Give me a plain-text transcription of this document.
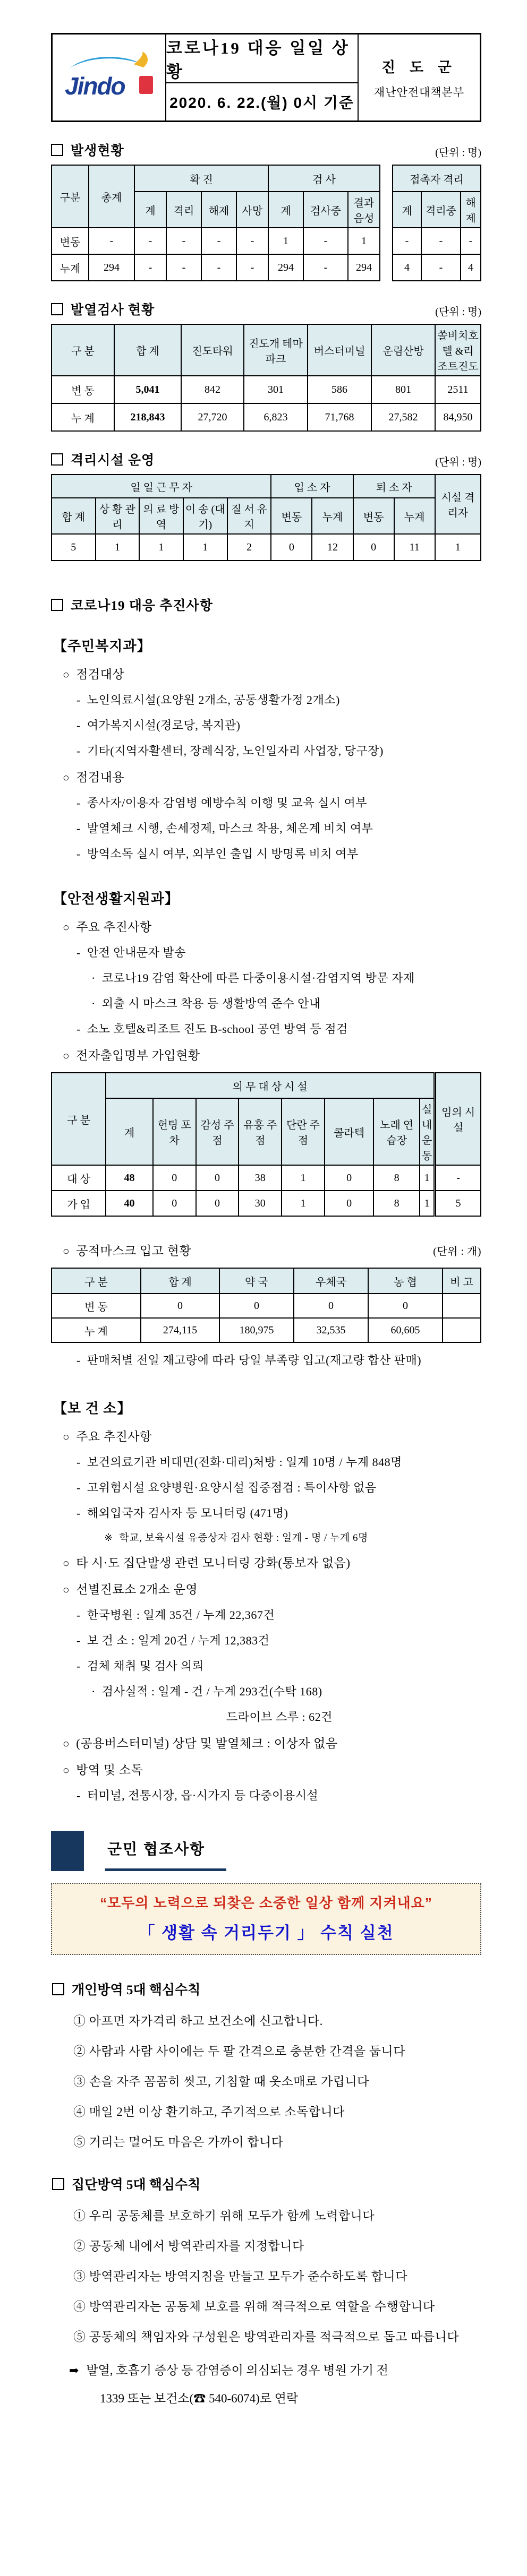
Jindo
코로나19 대응 일일 상황
2020. 6. 22.(월) 0시 기준
진 도 군
재난안전대책본부
발생현황	(단위 : 명)
구분	총계	확 진				검 사		
		계	격리	해제	사망	계	검사중	결과음성
변동	-	-	-	-	-	1	-	1
누계	294	-	-	-	-	294	-	294
접촉자 격리		
계	격리중	해제
-	-	-
4	-	4
발열검사 현황	(단위 : 명)
구 분	합 계	진도타워	진도개 테마파크	버스터미널	운림산방	쏠비치호텔 &리조트진도
변 동	5,041	842	301	586	801	2511
누 계	218,843	27,720	6,823	71,768	27,582	84,950
격리시설 운영	(단위 : 명)
일 일 근 무 자					입 소 자		퇴 소 자		시설 격리자
합 계	상 황 관 리	의 료 방 역	이 송 (대 기)	질 서 유 지	변동	누계	변동	누계	
5	1	1	1	2	0	12	0	11	1
코로나19 대응 추진사항
【주민복지과】
○ 점검대상
- 노인의료시설(요양원 2개소, 공동생활가정 2개소)
- 여가복지시설(경로당, 복지관)
- 기타(지역자활센터, 장례식장, 노인일자리 사업장, 당구장)
○ 점검내용
- 종사자/이용자 감염병 예방수칙 이행 및 교육 실시 여부
- 발열체크 시행, 손세정제, 마스크 착용, 체온계 비치 여부
- 방역소독 실시 여부, 외부인 출입 시 방명록 비치 여부
【안전생활지원과】
○ 주요 추진사항
- 안전 안내문자 발송
· 코로나19 감염 확산에 따른 다중이용시설·감염지역 방문 자제
· 외출 시 마스크 착용 등 생활방역 준수 안내
- 소노 호텔&리조트 진도 B-school 공연 방역 등 점검
○ 전자출입명부 가입현황
구 분	의 무 대 상 시 설								임의 시설
	계	헌팅 포차	감성 주점	유흥 주점	단란 주점	콜라텍	노래 연습장	실내 운동	
대 상	48	0	0	38	1	0	8	1	-
가 입	40	0	0	30	1	0	8	1	5
○ 공적마스크 입고 현황	(단위 : 개)
구 분	합 계	약 국	우체국	농 협	비 고
변 동	0	0	0	0	
누 계	274,115	180,975	32,535	60,605	
- 판매처별 전일 재고량에 따라 당일 부족량 입고(재고량 합산 판매)
【보 건 소】
○ 주요 추진사항
- 보건의료기관 비대면(전화·대리)처방 : 일계 10명 / 누계 848명
- 고위험시설 요양병원·요양시설 집중점검 : 특이사항 없음
- 해외입국자 검사자 등 모니터링 (471명)
※ 학교, 보육시설 유증상자 검사 현황 : 일계 - 명 / 누계 6명
○ 타 시·도 집단발생 관련 모니터링 강화(통보자 없음)
○ 선별진료소 2개소 운영
- 한국병원 : 일계 35건 / 누계 22,367건
- 보 건 소 : 일계 20건 / 누계 12,383건
- 검체 채취 및 검사 의뢰
· 검사실적 : 일계 - 건 / 누계 293건(수탁 168)
드라이브 스루 : 62건
○ (공용버스터미널) 상담 및 발열체크 : 이상자 없음
○ 방역 및 소독
- 터미널, 전통시장, 읍·시가지 등 다중이용시설
군민 협조사항
“모두의 노력으로 되찾은 소중한 일상 함께 지켜내요”
「 생활 속 거리두기 」 수칙 실천
개인방역 5대 핵심수칙
① 아프면 자가격리 하고 보건소에 신고합니다.
② 사람과 사람 사이에는 두 팔 간격으로 충분한 간격을 둡니다
③ 손을 자주 꼼꼼히 씻고, 기침할 때 옷소매로 가립니다
④ 매일 2번 이상 환기하고, 주기적으로 소독합니다
⑤ 거리는 멀어도 마음은 가까이 합니다
집단방역 5대 핵심수칙
① 우리 공동체를 보호하기 위해 모두가 함께 노력합니다
② 공동체 내에서 방역관리자를 지정합니다
③ 방역관리자는 방역지침을 만들고 모두가 준수하도록 합니다
④ 방역관리자는 공동체 보호를 위해 적극적으로 역할을 수행합니다
⑤ 공동체의 책임자와 구성원은 방역관리자를 적극적으로 돕고 따릅니다
➡ 발열, 호흡기 증상 등 감염증이 의심되는 경우 병원 가기 전
1339 또는 보건소(☎ 540-6074)로 연락
